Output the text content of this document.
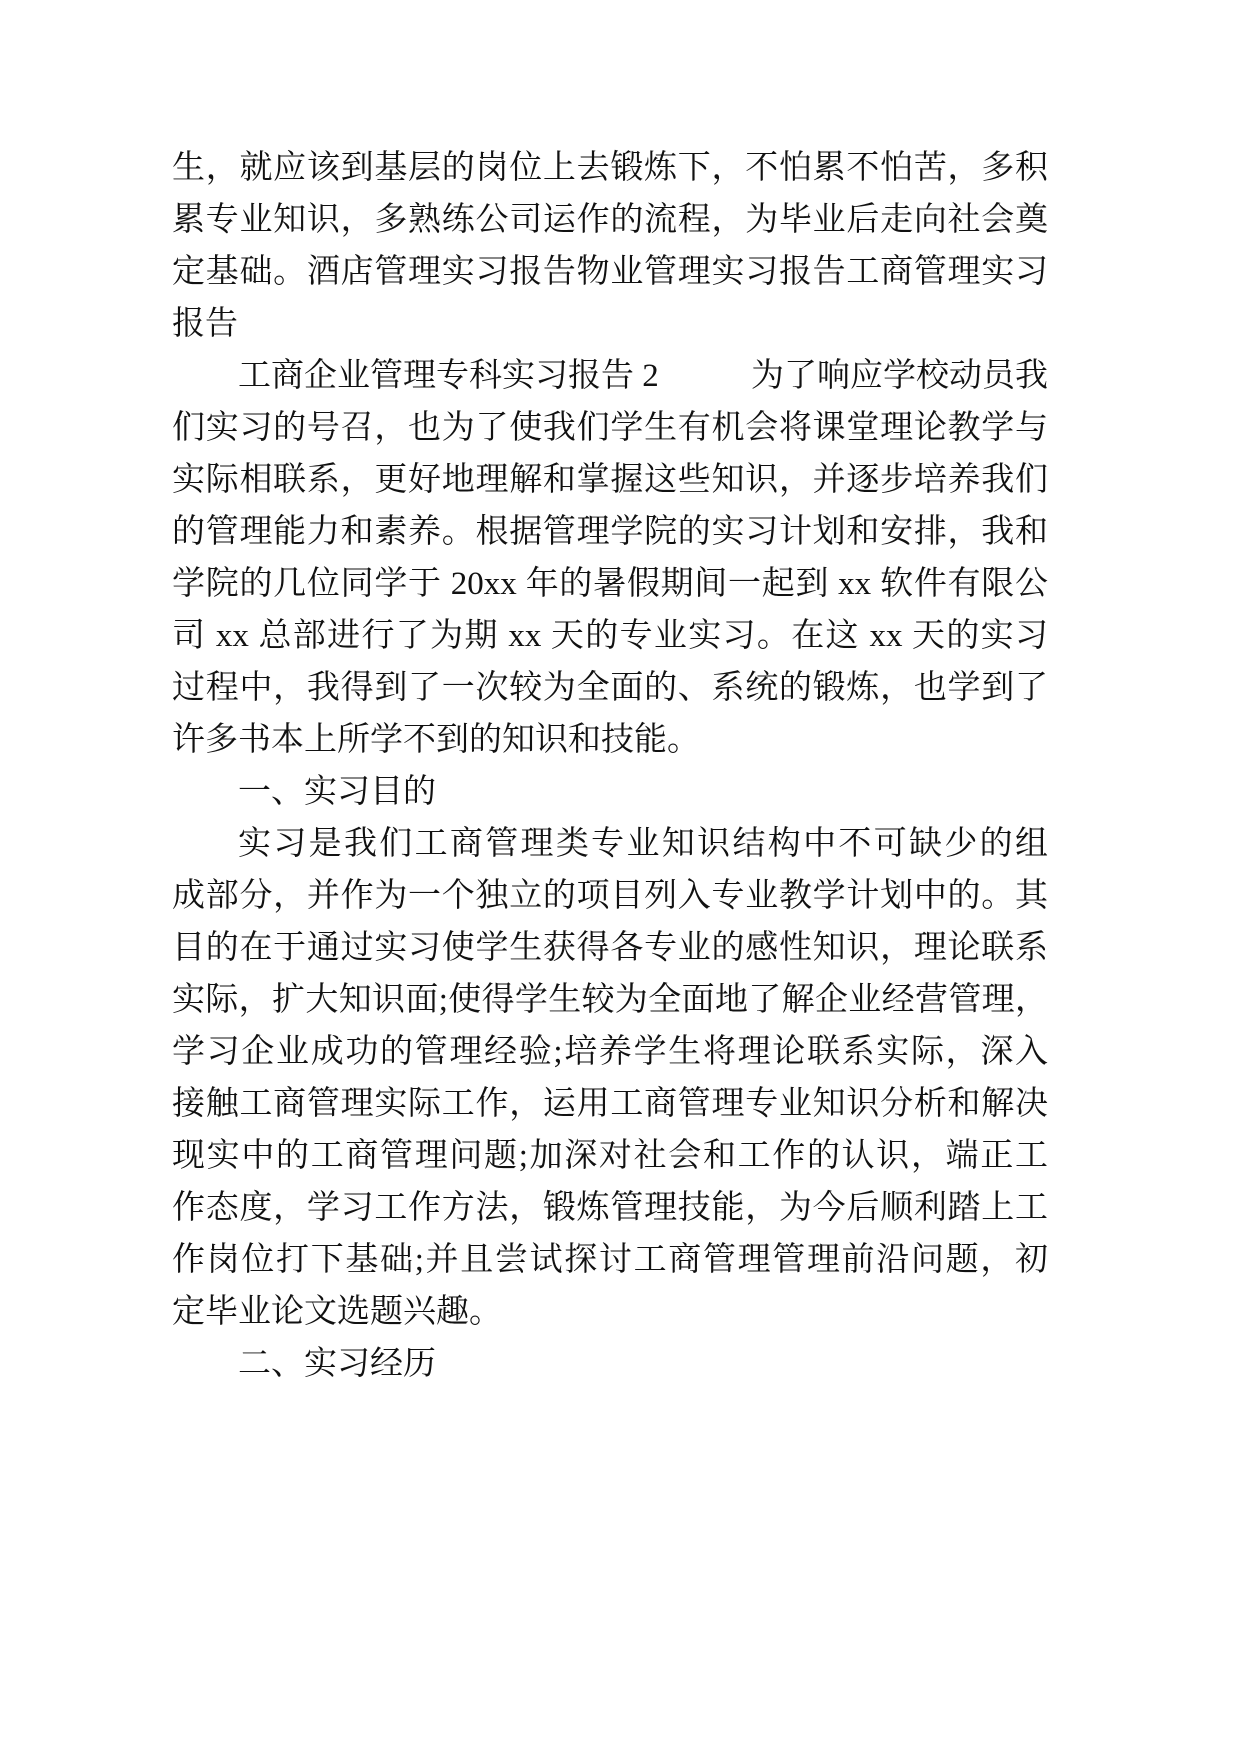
生，就应该到基层的岗位上去锻炼下，不怕累不怕苦，多积
累专业知识，多熟练公司运作的流程，为毕业后走向社会奠
定基础。酒店管理实习报告物业管理实习报告工商管理实习
报告
工商企业管理专科实习报告 2	为了响应学校动员我
们实习的号召，也为了使我们学生有机会将课堂理论教学与
实际相联系，更好地理解和掌握这些知识，并逐步培养我们
的管理能力和素养。根据管理学院的实习计划和安排，我和
学院的几位同学于 20xx 年的暑假期间一起到 xx 软件有限公
司 xx 总部进行了为期 xx 天的专业实习。在这 xx 天的实习
过程中，我得到了一次较为全面的、系统的锻炼，也学到了
许多书本上所学不到的知识和技能。
一、实习目的
实习是我们工商管理类专业知识结构中不可缺少的组
成部分，并作为一个独立的项目列入专业教学计划中的。其
目的在于通过实习使学生获得各专业的感性知识，理论联系
实际，扩大知识面;使得学生较为全面地了解企业经营管理，
学习企业成功的管理经验;培养学生将理论联系实际，深入
接触工商管理实际工作，运用工商管理专业知识分析和解决
现实中的工商管理问题;加深对社会和工作的认识，端正工
作态度，学习工作方法，锻炼管理技能，为今后顺利踏上工
作岗位打下基础;并且尝试探讨工商管理管理前沿问题，初
定毕业论文选题兴趣。
二、实习经历
